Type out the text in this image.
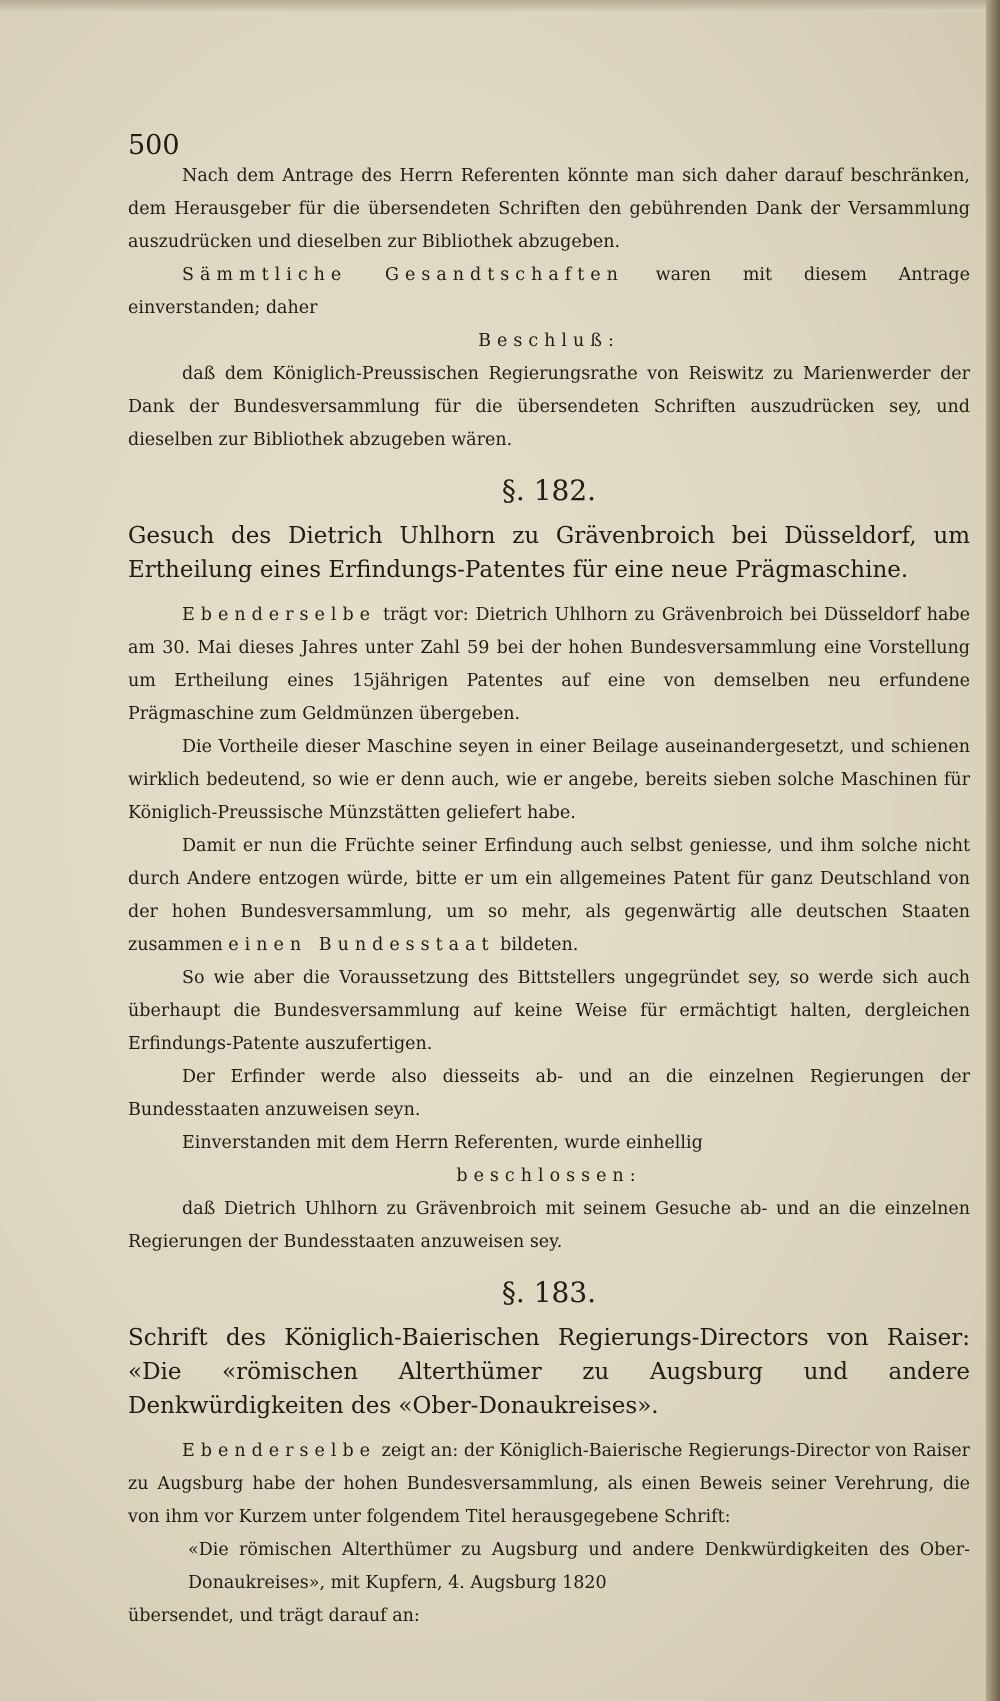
500

Nach dem Antrage des Herrn Referenten könnte man sich daher darauf beschränken, dem Herausgeber für die übersendeten Schriften den gebührenden Dank der Versammlung auszudrücken und dieselben zur Bibliothek abzugeben.

Sämmtliche Gesandtschaften waren mit diesem Antrage einverstanden; daher

Beschluß:

daß dem Königlich-Preussischen Regierungsrathe von Reiswitz zu Marienwerder der Dank der Bundesversammlung für die übersendeten Schriften auszudrücken sey, und dieselben zur Bibliothek abzugeben wären.

§. 182.
Gesuch des Dietrich Uhlhorn zu Grävenbroich bei Düsseldorf, um Ertheilung eines Erfindungs-Patentes für eine neue Prägmaschine.

Ebenderselbe trägt vor: Dietrich Uhlhorn zu Grävenbroich bei Düsseldorf habe am 30. Mai dieses Jahres unter Zahl 59 bei der hohen Bundesversammlung eine Vorstellung um Ertheilung eines 15jährigen Patentes auf eine von demselben neu erfundene Prägmaschine zum Geldmünzen übergeben.

Die Vortheile dieser Maschine seyen in einer Beilage auseinandergesetzt, und schienen wirklich bedeutend, so wie er denn auch, wie er angebe, bereits sieben solche Maschinen für Königlich-Preussische Münzstätten geliefert habe.

Damit er nun die Früchte seiner Erfindung auch selbst geniesse, und ihm solche nicht durch Andere entzogen würde, bitte er um ein allgemeines Patent für ganz Deutschland von der hohen Bundesversammlung, um so mehr, als gegenwärtig alle deutschen Staaten zusammen einen Bundesstaat bildeten.

So wie aber die Voraussetzung des Bittstellers ungegründet sey, so werde sich auch überhaupt die Bundesversammlung auf keine Weise für ermächtigt halten, dergleichen Erfindungs-Patente auszufertigen.

Der Erfinder werde also diesseits ab- und an die einzelnen Regierungen der Bundesstaaten anzuweisen seyn.

Einverstanden mit dem Herrn Referenten, wurde einhellig

beschlossen:

daß Dietrich Uhlhorn zu Grävenbroich mit seinem Gesuche ab- und an die einzelnen Regierungen der Bundesstaaten anzuweisen sey.

§. 183.
Schrift des Königlich-Baierischen Regierungs-Directors von Raiser: «Die «römischen Alterthümer zu Augsburg und andere Denkwürdigkeiten des «Ober-Donaukreises».

Ebenderselbe zeigt an: der Königlich-Baierische Regierungs-Director von Raiser zu Augsburg habe der hohen Bundesversammlung, als einen Beweis seiner Verehrung, die von ihm vor Kurzem unter folgendem Titel herausgegebene Schrift:

«Die römischen Alterthümer zu Augsburg und andere Denkwürdigkeiten des Ober-Donaukreises», mit Kupfern, 4. Augsburg 1820

übersendet, und trägt darauf an:
